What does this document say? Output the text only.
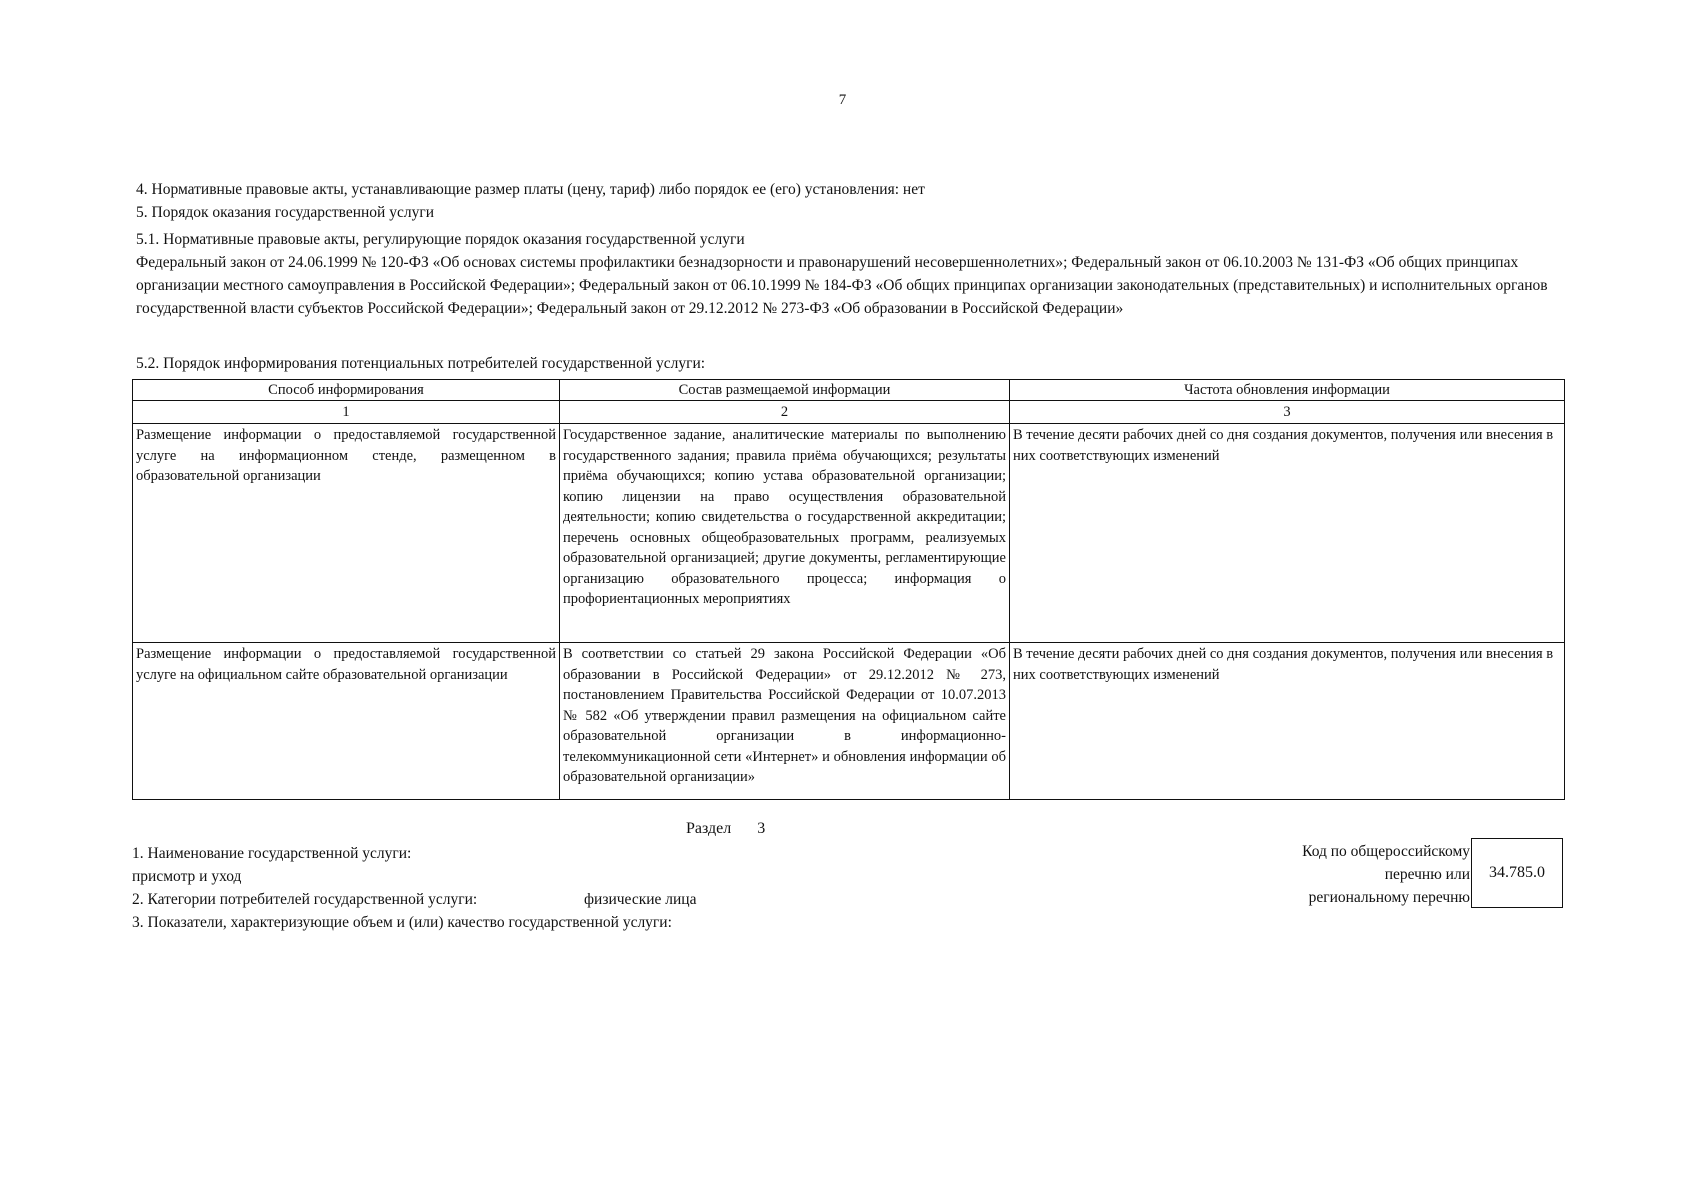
7

4. Нормативные правовые акты, устанавливающие размер платы (цену, тариф) либо порядок ее (его) установления: нет

5. Порядок оказания государственной услуги

5.1. Нормативные правовые акты, регулирующие порядок оказания государственной услуги

Федеральный закон от 24.06.1999 № 120-ФЗ «Об основах системы профилактики безнадзорности и правонарушений несовершеннолетних»; Федеральный закон от 06.10.2003 № 131-ФЗ «Об общих принципах организации местного самоуправления в Российской Федерации»; Федеральный закон от 06.10.1999 № 184-ФЗ «Об общих принципах организации законодательных (представительных) и исполнительных органов государственной власти субъектов Российской Федерации»; Федеральный закон от 29.12.2012 № 273-ФЗ «Об образовании в Российской Федерации»

5.2. Порядок информирования потенциальных потребителей государственной услуги:
Способ информирования	Состав размещаемой информации	Частота обновления информации
1	2	3
Размещение информации о предоставляемой государственной услуге на информационном стенде, размещенном в образовательной организации	Государственное задание, аналитические материалы по выполнению государственного задания; правила приёма обучающихся; результаты приёма обучающихся; копию устава образовательной организации; копию лицензии на право осуществления образовательной деятельности; копию свидетельства о государственной аккредитации; перечень основных общеобразовательных программ, реализуемых образовательной организацией; другие документы, регламентирующие организацию образовательного процесса; информация о профориентационных мероприятиях	В течение десяти рабочих дней со дня создания документов, получения или внесения в них соответствующих изменений
Размещение информации о предоставляемой государственной услуге на официальном сайте образовательной организации	В соответствии со статьей 29 закона Российской Федерации «Об образовании в Российской Федерации» от 29.12.2012 № 273, постановлением Правительства Российской Федерации от 10.07.2013 № 582 «Об утверждении правил размещения на официальном сайте образовательной организации в информационно-телекоммуникационной сети «Интернет» и обновления информации об образовательной организации»	В течение десяти рабочих дней со дня создания документов, получения или внесения в них соответствующих изменений
Раздел 3

1. Наименование государственной услуги:

присмотр и уход

2. Категории потребителей государственной услуги:	физические лица

3. Показатели, характеризующие объем и (или) качество государственной услуги:

Код по общероссийскому
перечню или
региональному перечню
34.785.0
